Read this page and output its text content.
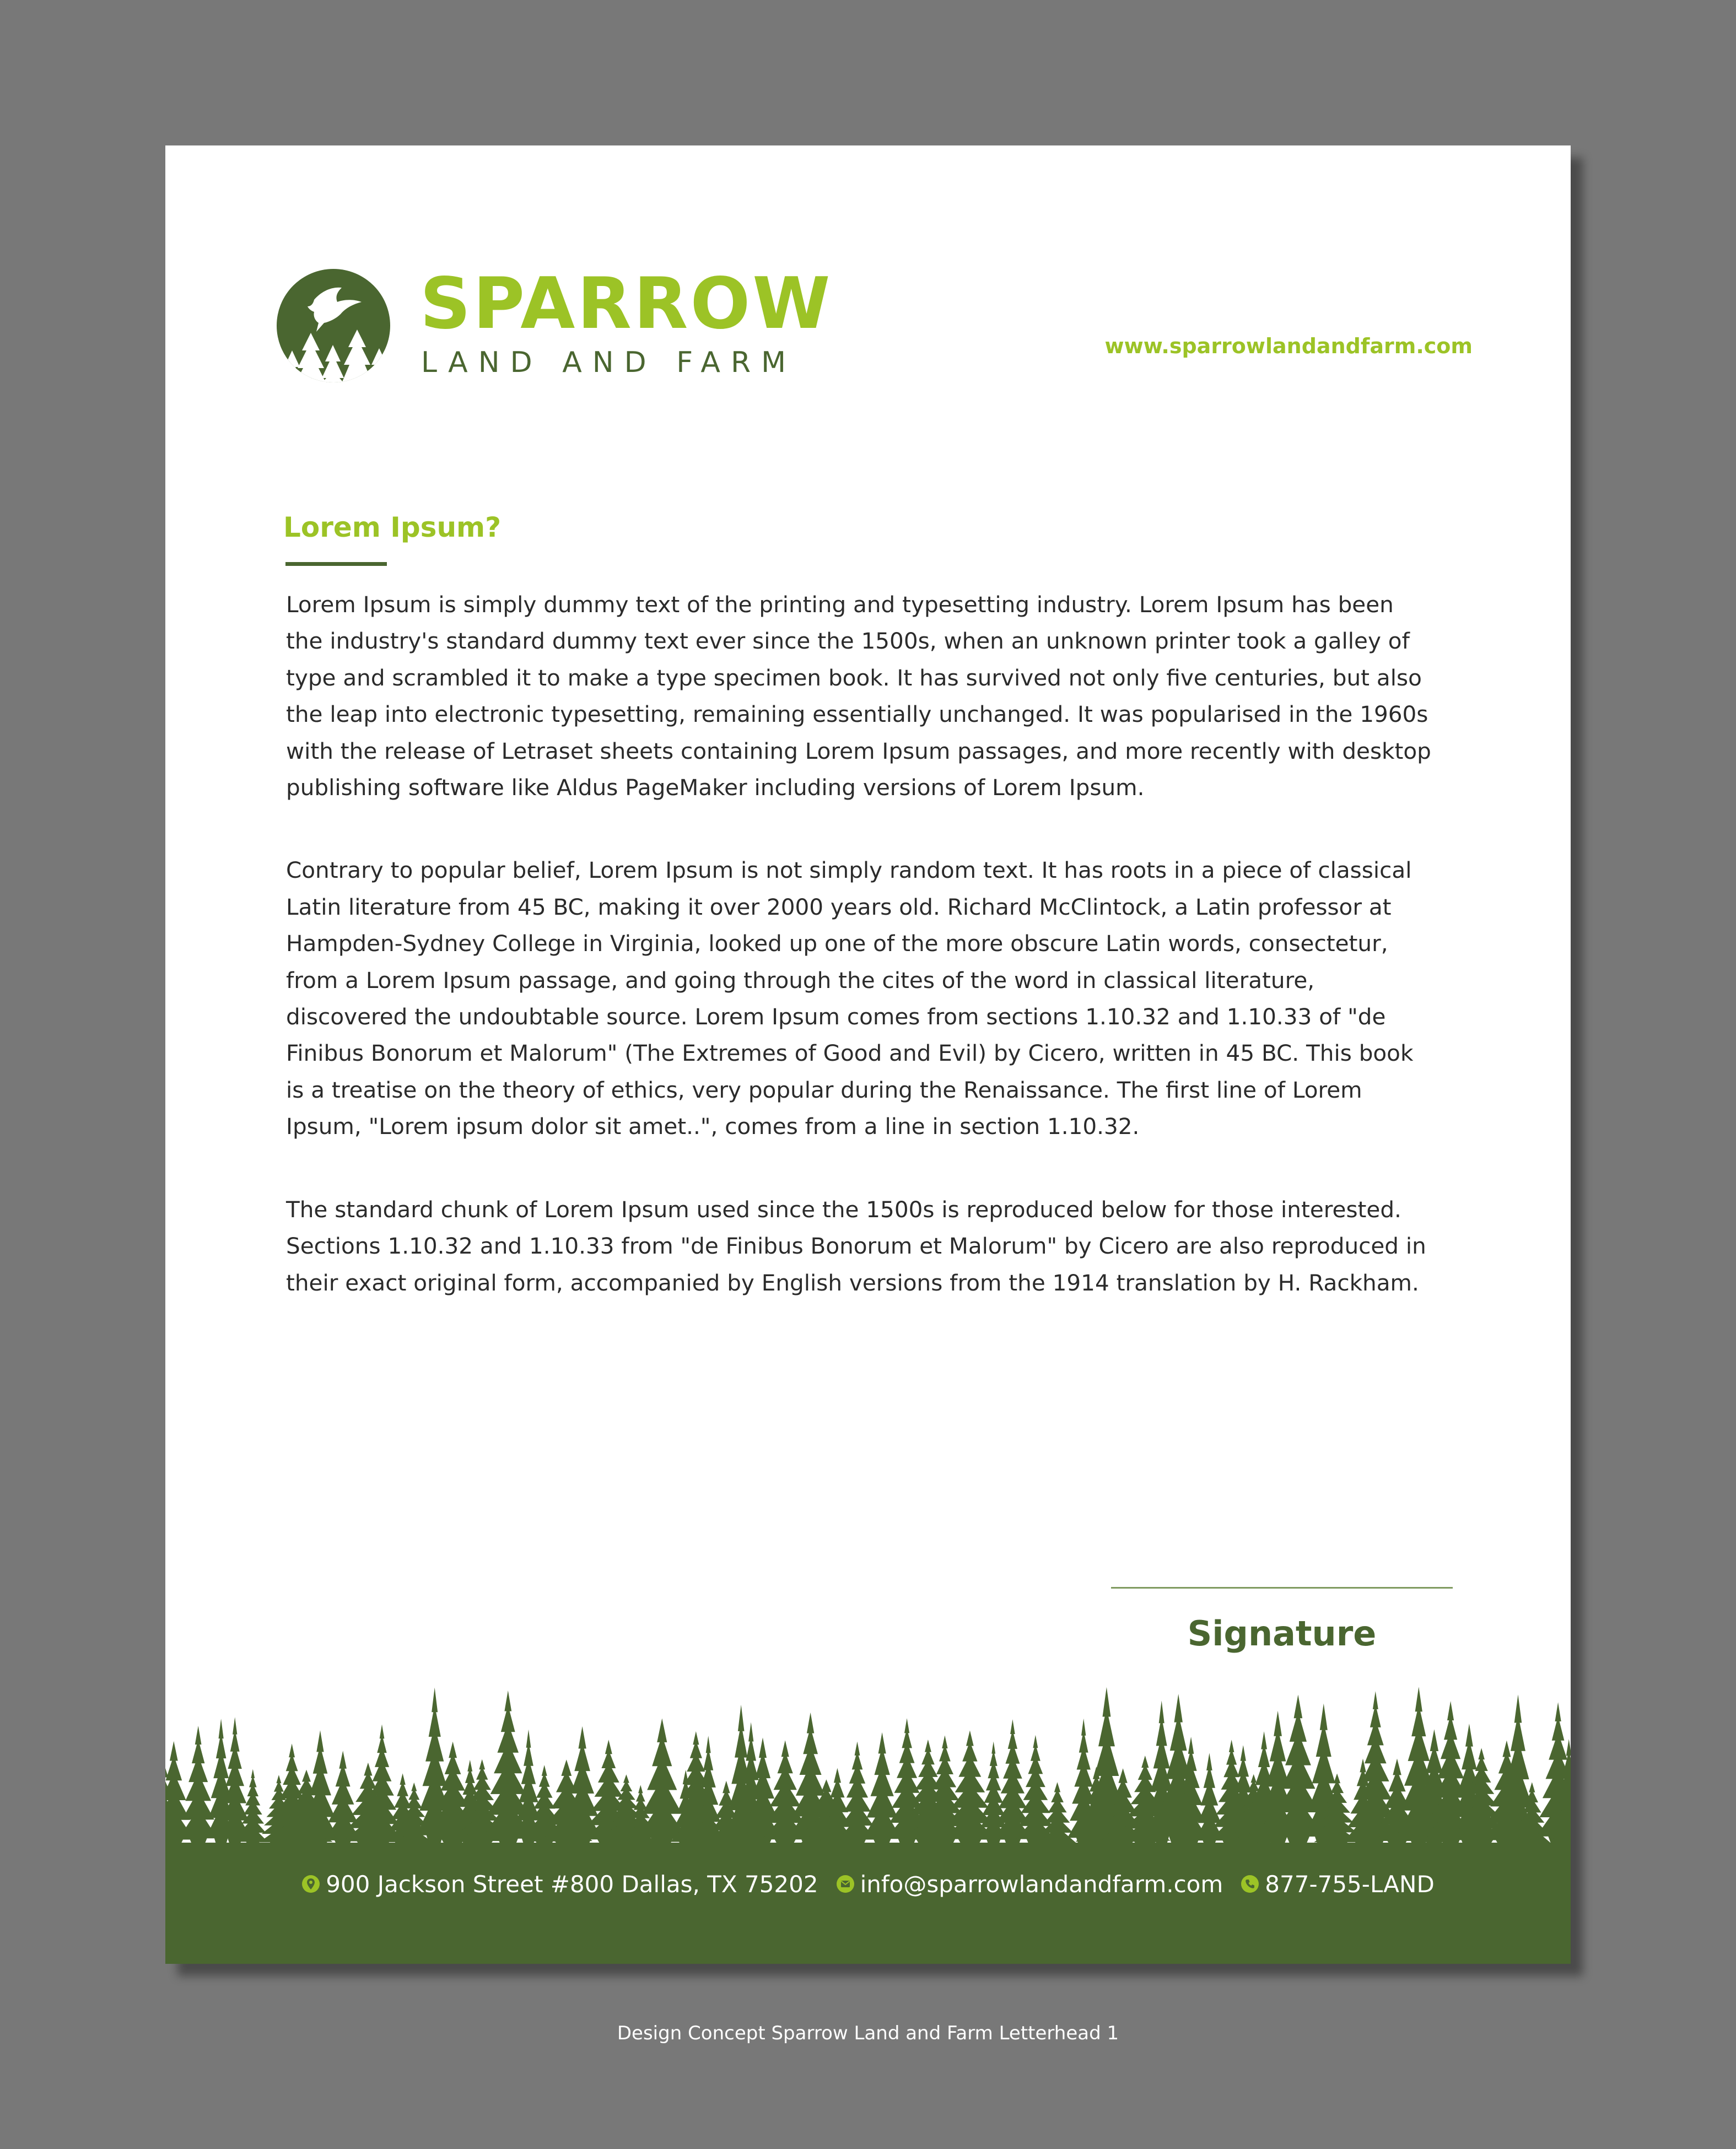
SPARROW
LAND AND FARM	www.sparrowlandandfarm.com
Lorem Ipsum?

Lorem Ipsum is simply dummy text of the printing and typesetting industry. Lorem Ipsum has been the industry's standard dummy text ever since the 1500s, when an unknown printer took a galley of type and scrambled it to make a type specimen book. It has survived not only five centuries, but also the leap into electronic typesetting, remaining essentially unchanged. It was popularised in the 1960s with the release of Letraset sheets containing Lorem Ipsum passages, and more recently with desktop publishing software like Aldus PageMaker including versions of Lorem Ipsum.

Contrary to popular belief, Lorem Ipsum is not simply random text. It has roots in a piece of classical Latin literature from 45 BC, making it over 2000 years old. Richard McClintock, a Latin professor at Hampden-Sydney College in Virginia, looked up one of the more obscure Latin words, consectetur, from a Lorem Ipsum passage, and going through the cites of the word in classical literature, discovered the undoubtable source. Lorem Ipsum comes from sections 1.10.32 and 1.10.33 of "de Finibus Bonorum et Malorum" (The Extremes of Good and Evil) by Cicero, written in 45 BC. This book is a treatise on the theory of ethics, very popular during the Renaissance. The first line of Lorem Ipsum, "Lorem ipsum dolor sit amet..", comes from a line in section 1.10.32.

The standard chunk of Lorem Ipsum used since the 1500s is reproduced below for those interested. Sections 1.10.32 and 1.10.33 from "de Finibus Bonorum et Malorum" by Cicero are also reproduced in their exact original form, accompanied by English versions from the 1914 translation by H. Rackham.

Signature
900 Jackson Street #800 Dallas, TX 75202 info@sparrowlandandfarm.com 877-755-LAND
Design Concept Sparrow Land and Farm Letterhead 1
